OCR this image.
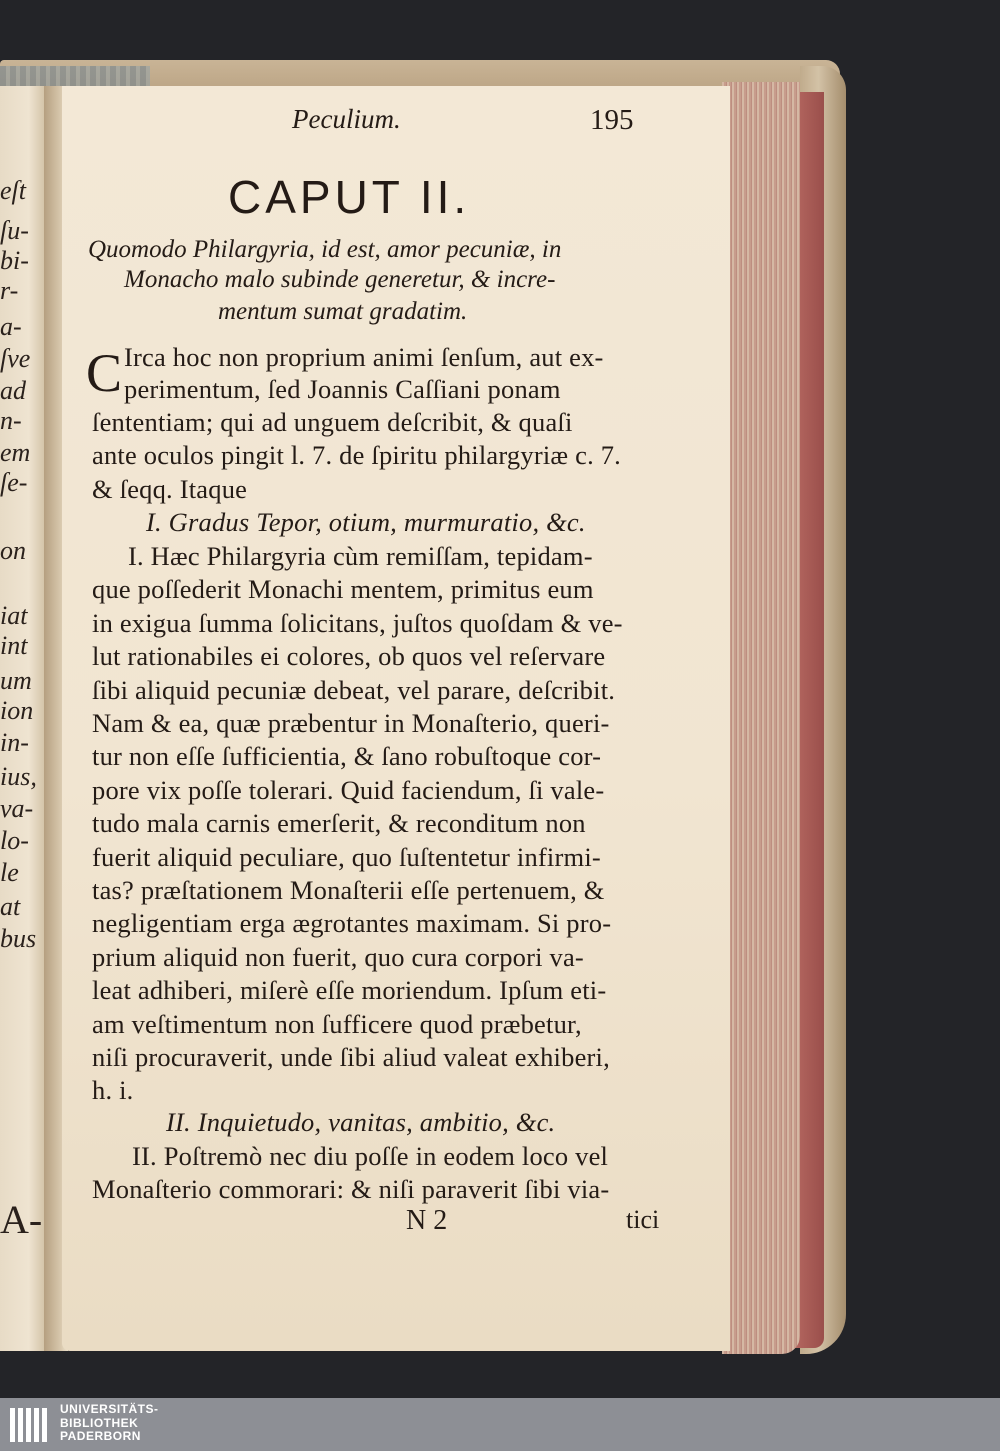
eſt
ſu-
bi-
r-
a-
ſve
ad
n-
em
ſe-
on
iat
int
um
ion
in-
ius,
va-
lo-
le
at
bus
A-
Peculium.	195
CAPUT II.
Quomodo Philargyria, id est, amor pecuniæ, in
Monacho malo subinde generetur, & incre-
mentum sumat gradatim.
C Irca hoc non proprium animi ſenſum, aut ex-
perimentum, ſed Joannis Caſſiani ponam
ſententiam; qui ad unguem deſcribit, & quaſi
ante oculos pingit l. 7. de ſpiritu philargyriæ c. 7.
& ſeqq. Itaque
I. Gradus Tepor, otium, murmuratio, &c.
I. Hæc Philargyria cùm remiſſam, tepidam-
que poſſederit Monachi mentem, primitus eum
in exigua ſumma ſolicitans, juſtos quoſdam & ve-
lut rationabiles ei colores, ob quos vel reſervare
ſibi aliquid pecuniæ debeat, vel parare, deſcribit.
Nam & ea, quæ præbentur in Monaſterio, queri-
tur non eſſe ſufficientia, & ſano robuſtoque cor-
pore vix poſſe tolerari. Quid faciendum, ſi vale-
tudo mala carnis emerſerit, & reconditum non
fuerit aliquid peculiare, quo ſuſtentetur infirmi-
tas? præſtationem Monaſterii eſſe pertenuem, &
negligentiam erga ægrotantes maximam. Si pro-
prium aliquid non fuerit, quo cura corpori va-
leat adhiberi, miſerè eſſe moriendum. Ipſum eti-
am veſtimentum non ſufficere quod præbetur,
niſi procuraverit, unde ſibi aliud valeat exhiberi,
h. i.
II. Inquietudo, vanitas, ambitio, &c.
II. Poſtremò nec diu poſſe in eodem loco vel
Monaſterio commorari: & niſi paraverit ſibi via-
N 2	tici
UNIVERSITÄTS-
BIBLIOTHEK
PADERBORN
